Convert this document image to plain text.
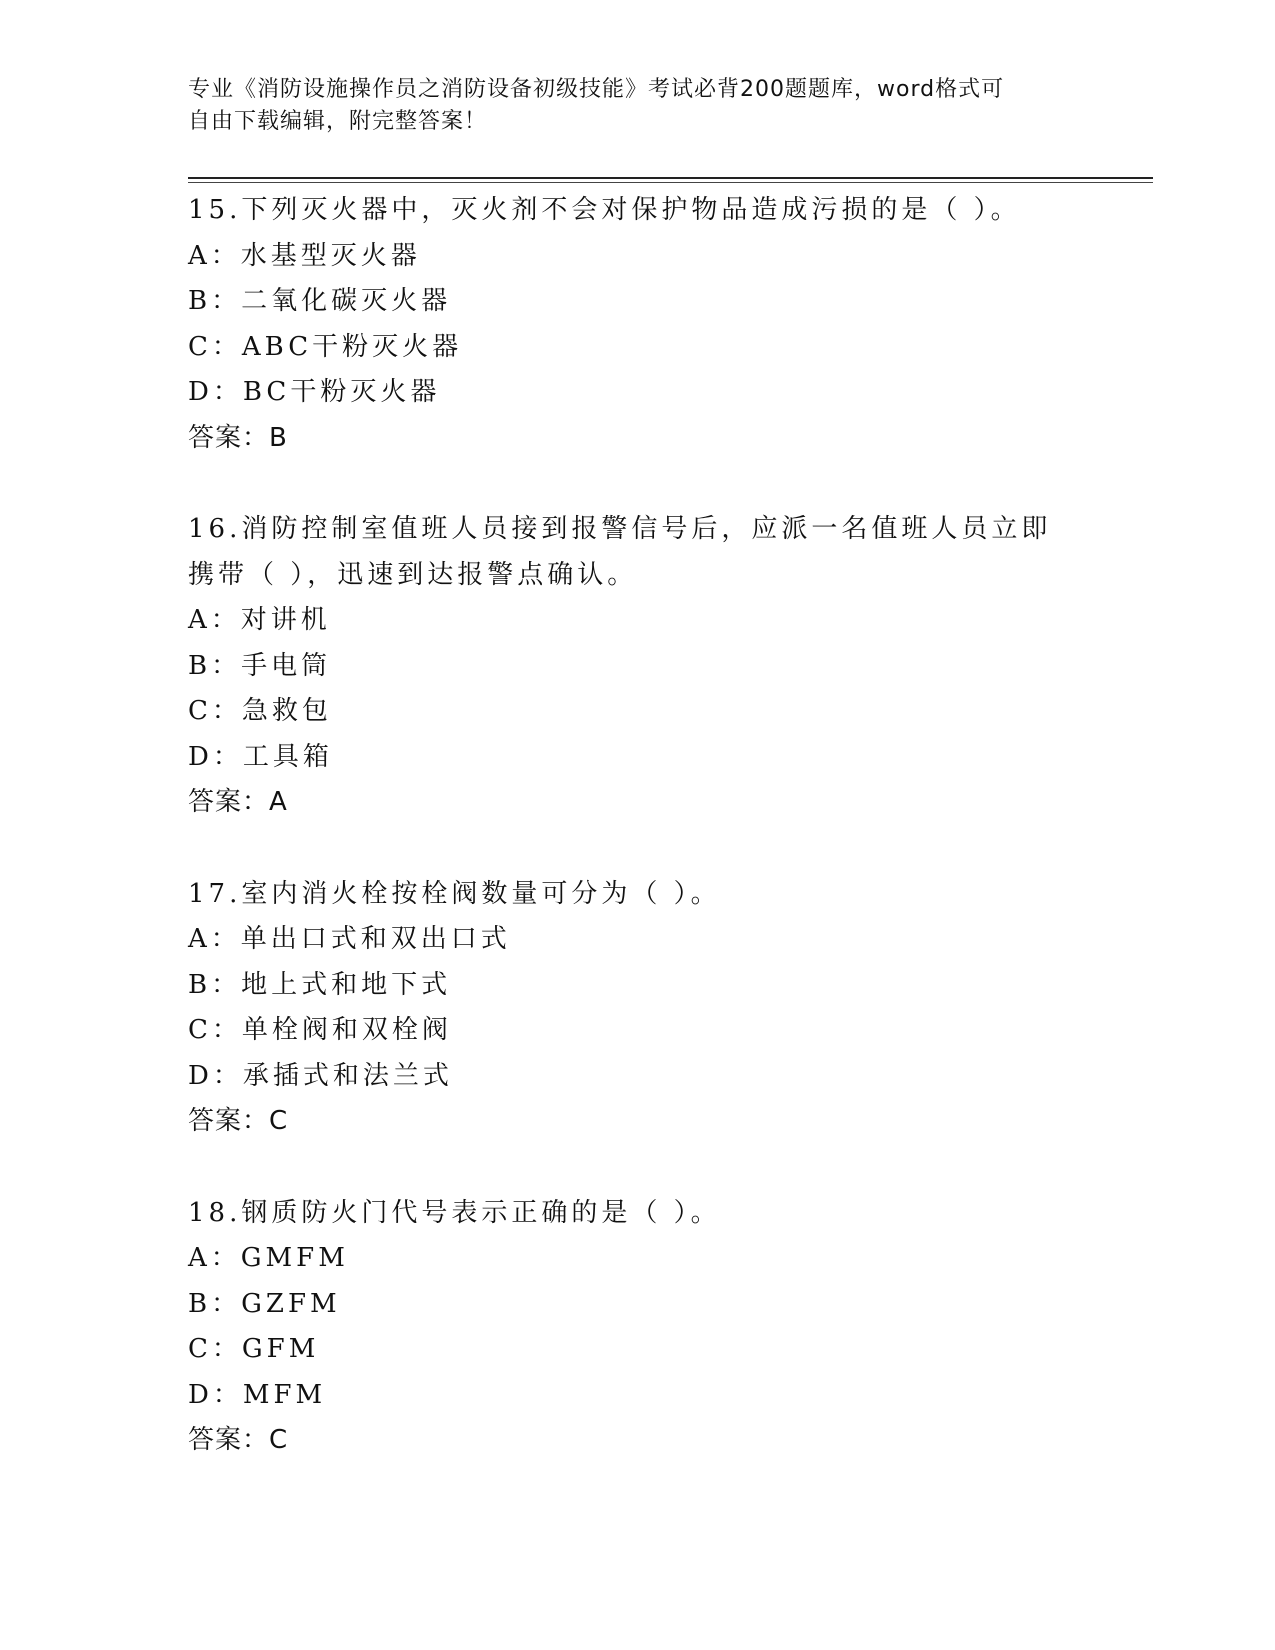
专业《消防设施操作员之消防设备初级技能》考试必背200题题库，word格式可
自由下载编辑，附完整答案！
15.下列灭火器中，灭火剂不会对保护物品造成污损的是（ ）。
A：水基型灭火器
B：二氧化碳灭火器
C：ABC干粉灭火器
D：BC干粉灭火器
答案：B
16.消防控制室值班人员接到报警信号后，应派一名值班人员立即携带（ ），迅速到达报警点确认。
A：对讲机
B：手电筒
C：急救包
D：工具箱
答案：A
17.室内消火栓按栓阀数量可分为（ ）。
A：单出口式和双出口式
B：地上式和地下式
C：单栓阀和双栓阀
D：承插式和法兰式
答案：C
18.钢质防火门代号表示正确的是（ ）。
A：GMFM
B：GZFM
C：GFM
D：MFM
答案：C
